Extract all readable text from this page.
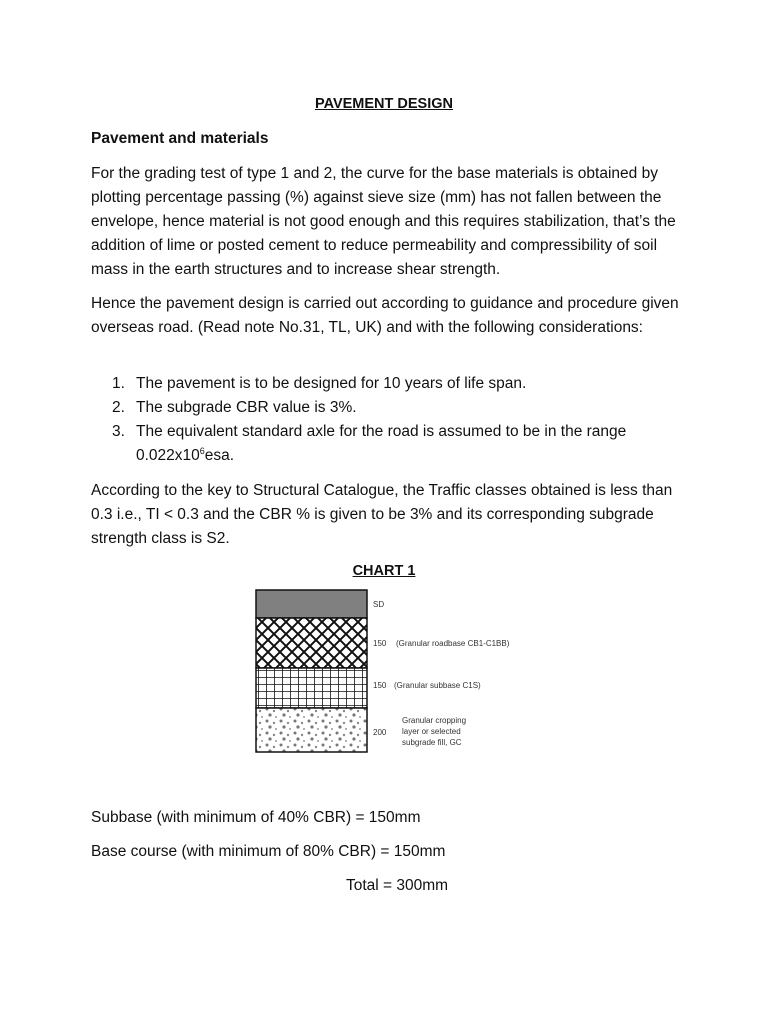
PAVEMENT DESIGN
Pavement and materials

For the grading test of type 1 and 2, the curve for the base materials is obtained by plotting percentage passing (%) against sieve size (mm) has not fallen between the envelope, hence material is not good enough and this requires stabilization, that’s the addition of lime or posted cement to reduce permeability and compressibility of soil mass in the earth structures and to increase shear strength.

Hence the pavement design is carried out according to guidance and procedure given overseas road. (Read note No.31, TL, UK) and with the following considerations:

1. The pavement is to be designed for 10 years of life span.
2. The subgrade CBR value is 3%.
3. The equivalent standard axle for the road is assumed to be in the range $0.022x10^6esa$.

According to the key to Structural Catalogue, the Traffic classes obtained is less than 0.3 i.e., TI < 0.3 and the CBR % is given to be 3% and its corresponding subgrade strength class is S2.

CHART 1
SD
150 (Granular roadbase CB1-C1BB)
150 (Granular subbase C1S)
200
Granular cropping
layer or selected
subgrade fill, GC
Subbase (with minimum of 40% CBR) = 150mm
Base course (with minimum of 80% CBR) = 150mm
Total = 300mm
